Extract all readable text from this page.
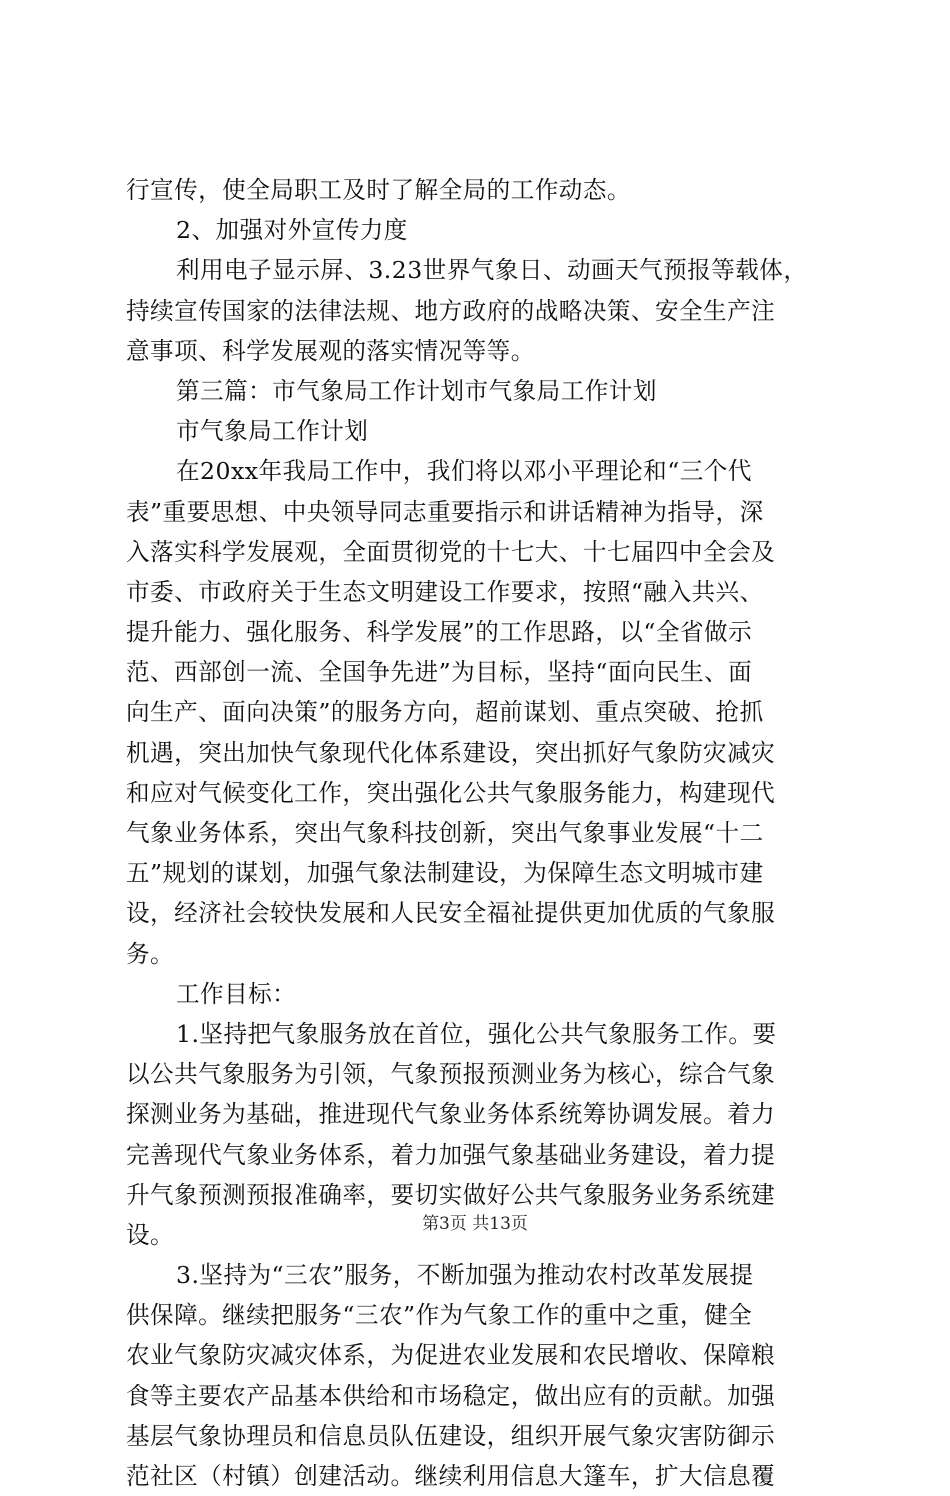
行宣传，使全局职工及时了解全局的工作动态。
2、加强对外宣传力度
利用电子显示屏、3.23世界气象日、动画天气预报等载体，
持续宣传国家的法律法规、地方政府的战略决策、安全生产注
意事项、科学发展观的落实情况等等。
第三篇：市气象局工作计划市气象局工作计划
市气象局工作计划
在20xx年我局工作中，我们将以邓小平理论和“三个代
表”重要思想、中央领导同志重要指示和讲话精神为指导，深
入落实科学发展观，全面贯彻党的十七大、十七届四中全会及
市委、市政府关于生态文明建设工作要求，按照“融入共兴、
提升能力、强化服务、科学发展”的工作思路，以“全省做示
范、西部创一流、全国争先进”为目标，坚持“面向民生、面
向生产、面向决策”的服务方向，超前谋划、重点突破、抢抓
机遇，突出加快气象现代化体系建设，突出抓好气象防灾减灾
和应对气候变化工作，突出强化公共气象服务能力，构建现代
气象业务体系，突出气象科技创新，突出气象事业发展“十二
五”规划的谋划，加强气象法制建设，为保障生态文明城市建
设，经济社会较快发展和人民安全福祉提供更加优质的气象服
务。
工作目标：
1.坚持把气象服务放在首位，强化公共气象服务工作。要
以公共气象服务为引领，气象预报预测业务为核心，综合气象
探测业务为基础，推进现代气象业务体系统筹协调发展。着力
完善现代气象业务体系，着力加强气象基础业务建设，着力提
升气象预测预报准确率，要切实做好公共气象服务业务系统建
设。
3.坚持为“三农”服务，不断加强为推动农村改革发展提
供保障。继续把服务“三农”作为气象工作的重中之重，健全
农业气象防灾减灾体系，为促进农业发展和农民增收、保障粮
食等主要农产品基本供给和市场稳定，做出应有的贡献。加强
基层气象协理员和信息员队伍建设，组织开展气象灾害防御示
范社区（村镇）创建活动。继续利用信息大篷车，扩大信息覆
第3页 共13页
